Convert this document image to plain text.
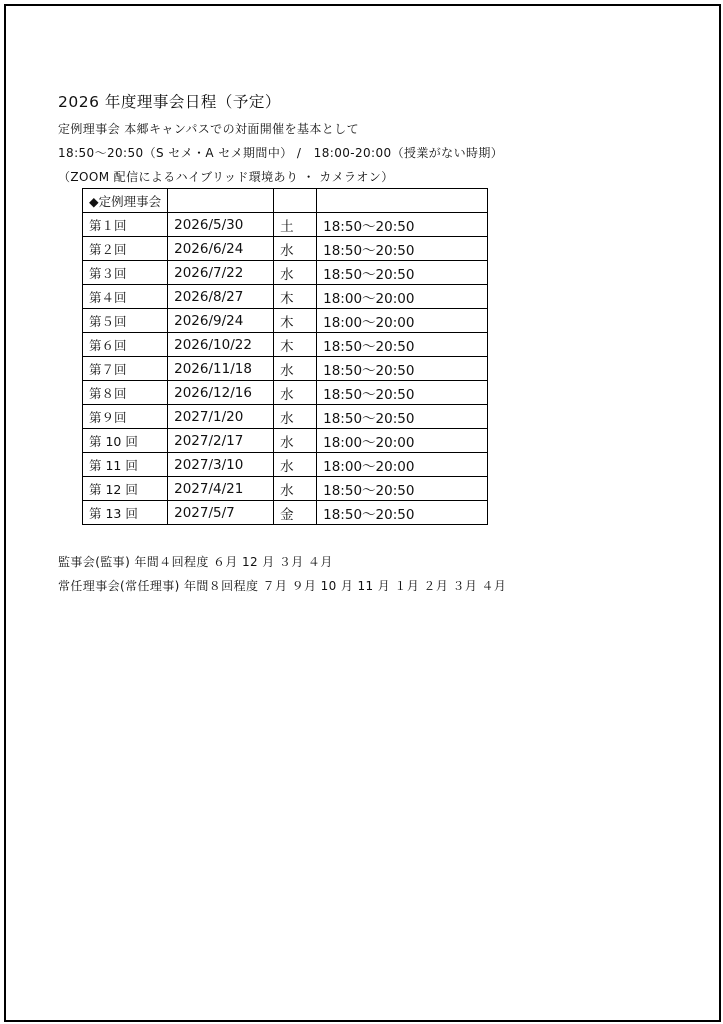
2026 年度理事会日程（予定）
定例理事会 本郷キャンパスでの対面開催を基本として
18:50～20:50（S セメ・A セメ期間中） /　18:00-20:00（授業がない時期）
（ZOOM 配信によるハイブリッド環境あり ・ カメラオン）
◆定例理事会			
第１回	2026/5/30	土	18:50～20:50
第２回	2026/6/24	水	18:50～20:50
第３回	2026/7/22	水	18:50～20:50
第４回	2026/8/27	木	18:00～20:00
第５回	2026/9/24	木	18:00～20:00
第６回	2026/10/22	木	18:50～20:50
第７回	2026/11/18	水	18:50～20:50
第８回	2026/12/16	水	18:50～20:50
第９回	2027/1/20	水	18:50～20:50
第 10 回	2027/2/17	水	18:00～20:00
第 11 回	2027/3/10	水	18:00～20:00
第 12 回	2027/4/21	水	18:50～20:50
第 13 回	2027/5/7	金	18:50～20:50
監事会(監事) 年間４回程度 ６月 12 月 ３月 ４月
常任理事会(常任理事) 年間８回程度 ７月 ９月 10 月 11 月 １月 ２月 ３月 ４月
